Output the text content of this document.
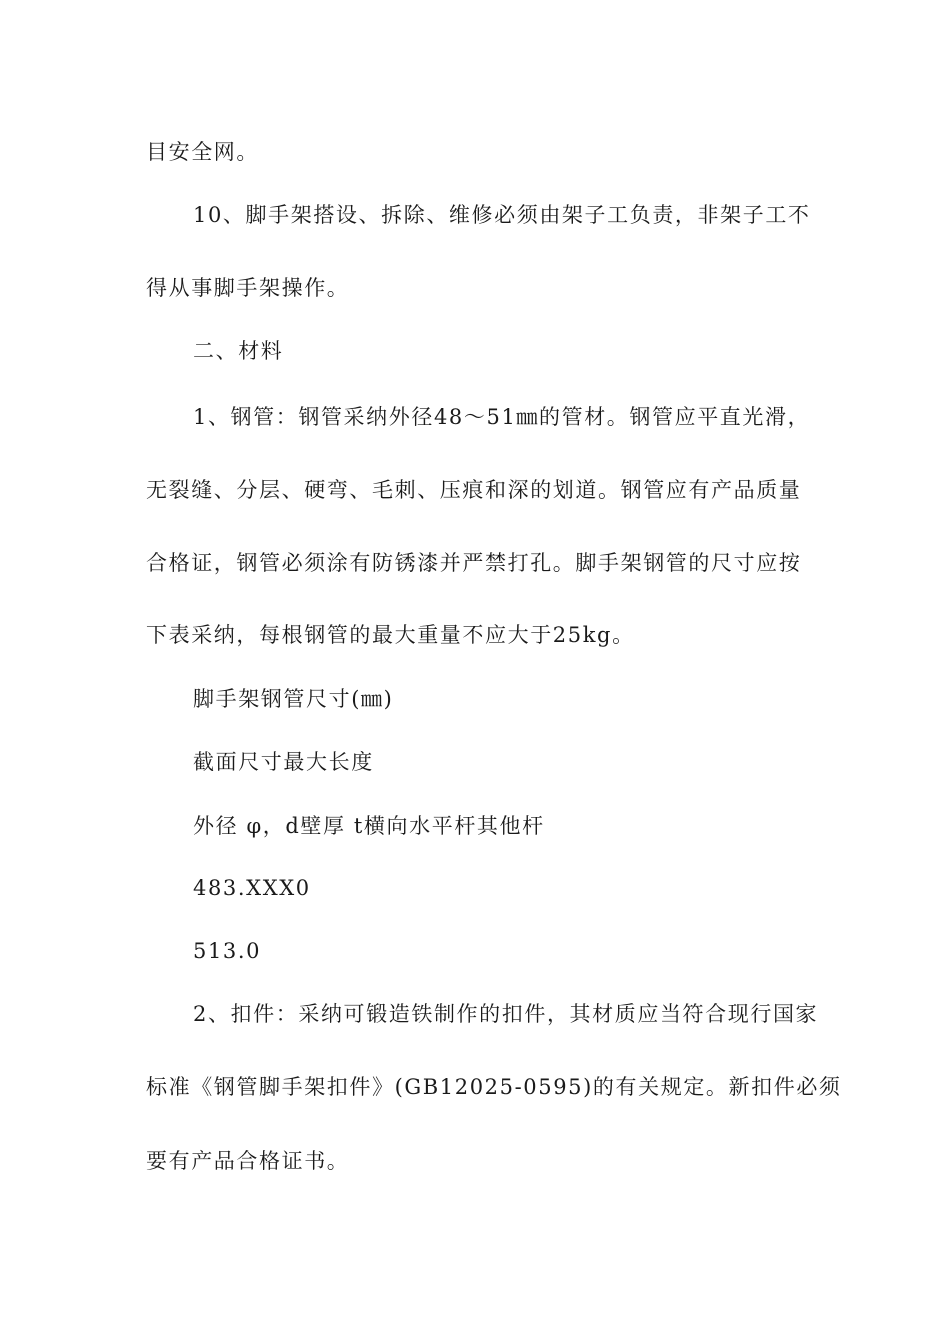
目安全网。

10、脚手架搭设、拆除、维修必须由架子工负责，非架子工不

得从事脚手架操作。

二、材料

1、钢管：钢管采纳外径48～51㎜的管材。钢管应平直光滑，

无裂缝、分层、硬弯、毛刺、压痕和深的划道。钢管应有产品质量

合格证，钢管必须涂有防锈漆并严禁打孔。脚手架钢管的尺寸应按

下表采纳，每根钢管的最大重量不应大于25kg。

脚手架钢管尺寸(㎜)

截面尺寸最大长度

外径 φ，d壁厚 t横向水平杆其他杆

483.XXX0

513.0

2、扣件：采纳可锻造铁制作的扣件，其材质应当符合现行国家

标准《钢管脚手架扣件》(GB12025-0595)的有关规定。新扣件必须

要有产品合格证书。
